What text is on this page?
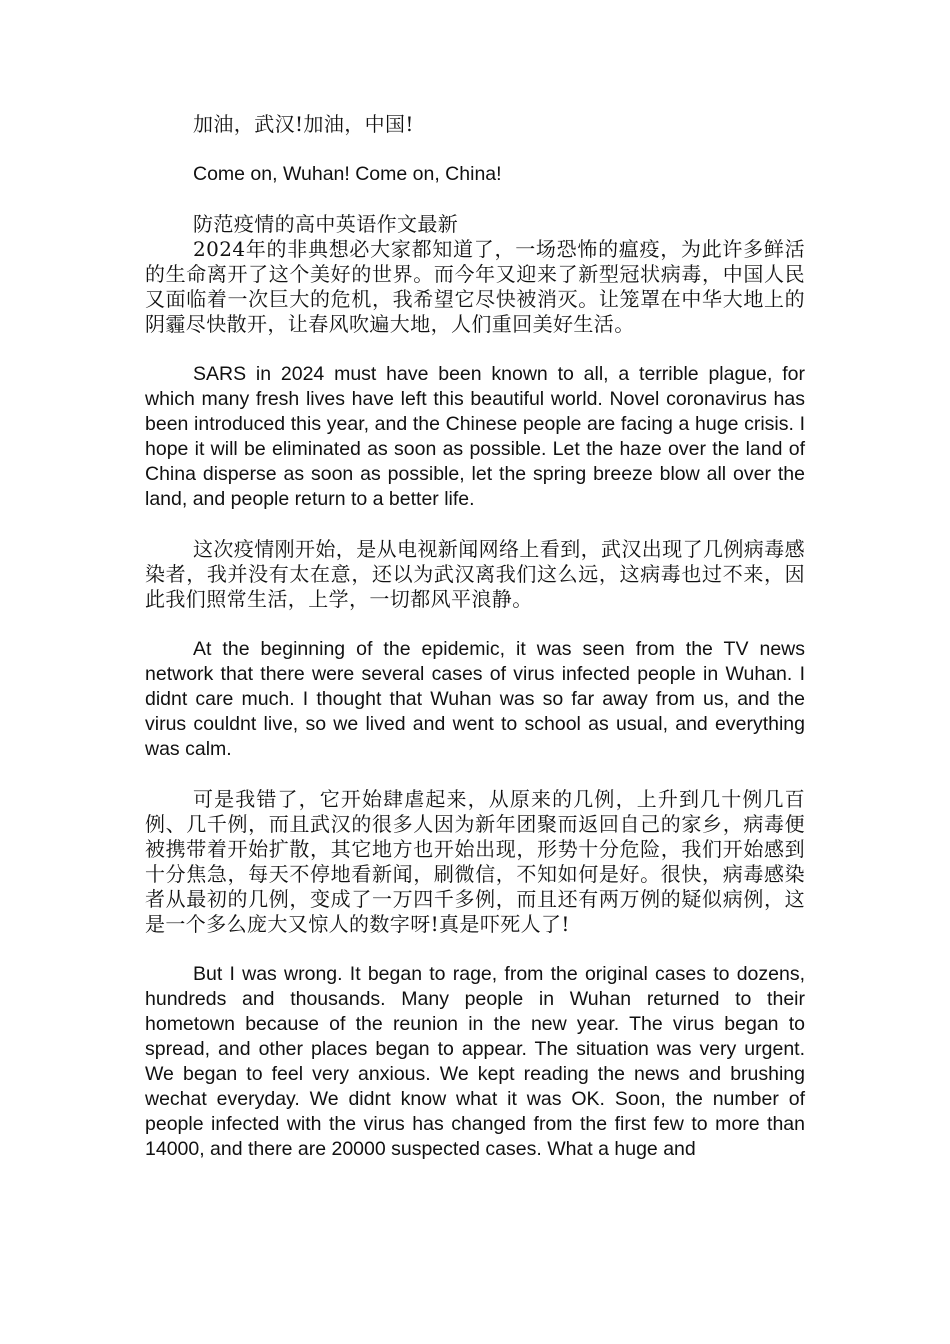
加油，武汉!加油，中国!

Come on, Wuhan! Come on, China!

防范疫情的高中英语作文最新

2024年的非典想必大家都知道了，一场恐怖的瘟疫，为此许多鲜活的生命离开了这个美好的世界。而今年又迎来了新型冠状病毒，中国人民又面临着一次巨大的危机，我希望它尽快被消灭。让笼罩在中华大地上的阴霾尽快散开，让春风吹遍大地，人们重回美好生活。

SARS in 2024 must have been known to all, a terrible plague, for which many fresh lives have left this beautiful world. Novel coronavirus has been introduced this year, and the Chinese people are facing a huge crisis. I hope it will be eliminated as soon as possible. Let the haze over the land of China disperse as soon as possible, let the spring breeze blow all over the land, and people return to a better life.

这次疫情刚开始，是从电视新闻网络上看到，武汉出现了几例病毒感染者，我并没有太在意，还以为武汉离我们这么远，这病毒也过不来，因此我们照常生活，上学，一切都风平浪静。

At the beginning of the epidemic, it was seen from the TV news network that there were several cases of virus infected people in Wuhan. I didnt care much. I thought that Wuhan was so far away from us, and the virus couldnt live, so we lived and went to school as usual, and everything was calm.

可是我错了，它开始肆虐起来，从原来的几例，上升到几十例几百例、几千例，而且武汉的很多人因为新年团聚而返回自己的家乡，病毒便被携带着开始扩散，其它地方也开始出现，形势十分危险，我们开始感到十分焦急，每天不停地看新闻，刷微信，不知如何是好。很快，病毒感染者从最初的几例，变成了一万四千多例，而且还有两万例的疑似病例，这是一个多么庞大又惊人的数字呀!真是吓死人了!

But I was wrong. It began to rage, from the original cases to dozens, hundreds and thousands. Many people in Wuhan returned to their hometown because of the reunion in the new year. The virus began to spread, and other places began to appear. The situation was very urgent. We began to feel very anxious. We kept reading the news and brushing wechat everyday. We didnt know what it was OK. Soon, the number of people infected with the virus has changed from the first few to more than 14000, and there are 20000 suspected cases. What a huge and
